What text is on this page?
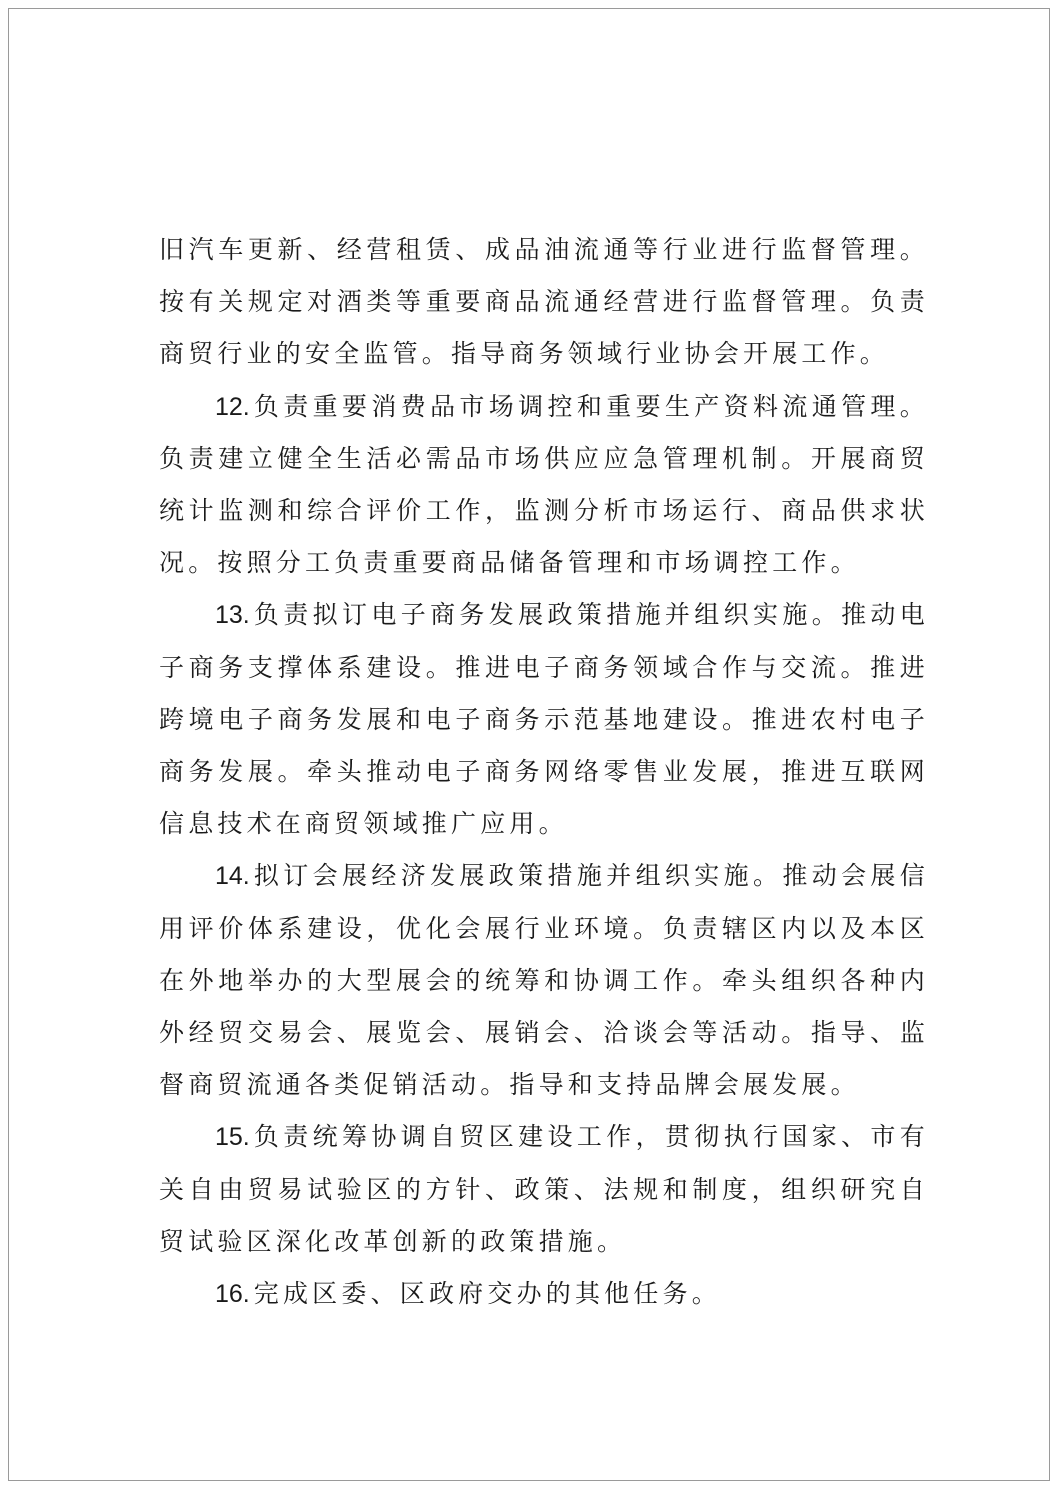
旧汽车更新、经营租赁、成品油流通等行业进行监督管理。按有关规定对酒类等重要商品流通经营进行监督管理。负责商贸行业的安全监管。指导商务领域行业协会开展工作。

12. 负责重要消费品市场调控和重要生产资料流通管理。负责建立健全生活必需品市场供应应急管理机制。开展商贸统计监测和综合评价工作，监测分析市场运行、商品供求状况。按照分工负责重要商品储备管理和市场调控工作。

13. 负责拟订电子商务发展政策措施并组织实施。推动电子商务支撑体系建设。推进电子商务领域合作与交流。推进跨境电子商务发展和电子商务示范基地建设。推进农村电子商务发展。牵头推动电子商务网络零售业发展，推进互联网信息技术在商贸领域推广应用。

14. 拟订会展经济发展政策措施并组织实施。推动会展信用评价体系建设，优化会展行业环境。负责辖区内以及本区在外地举办的大型展会的统筹和协调工作。牵头组织各种内外经贸交易会、展览会、展销会、洽谈会等活动。指导、监督商贸流通各类促销活动。指导和支持品牌会展发展。

15. 负责统筹协调自贸区建设工作，贯彻执行国家、市有关自由贸易试验区的方针、政策、法规和制度，组织研究自贸试验区深化改革创新的政策措施。

16. 完成区委、区政府交办的其他任务。
